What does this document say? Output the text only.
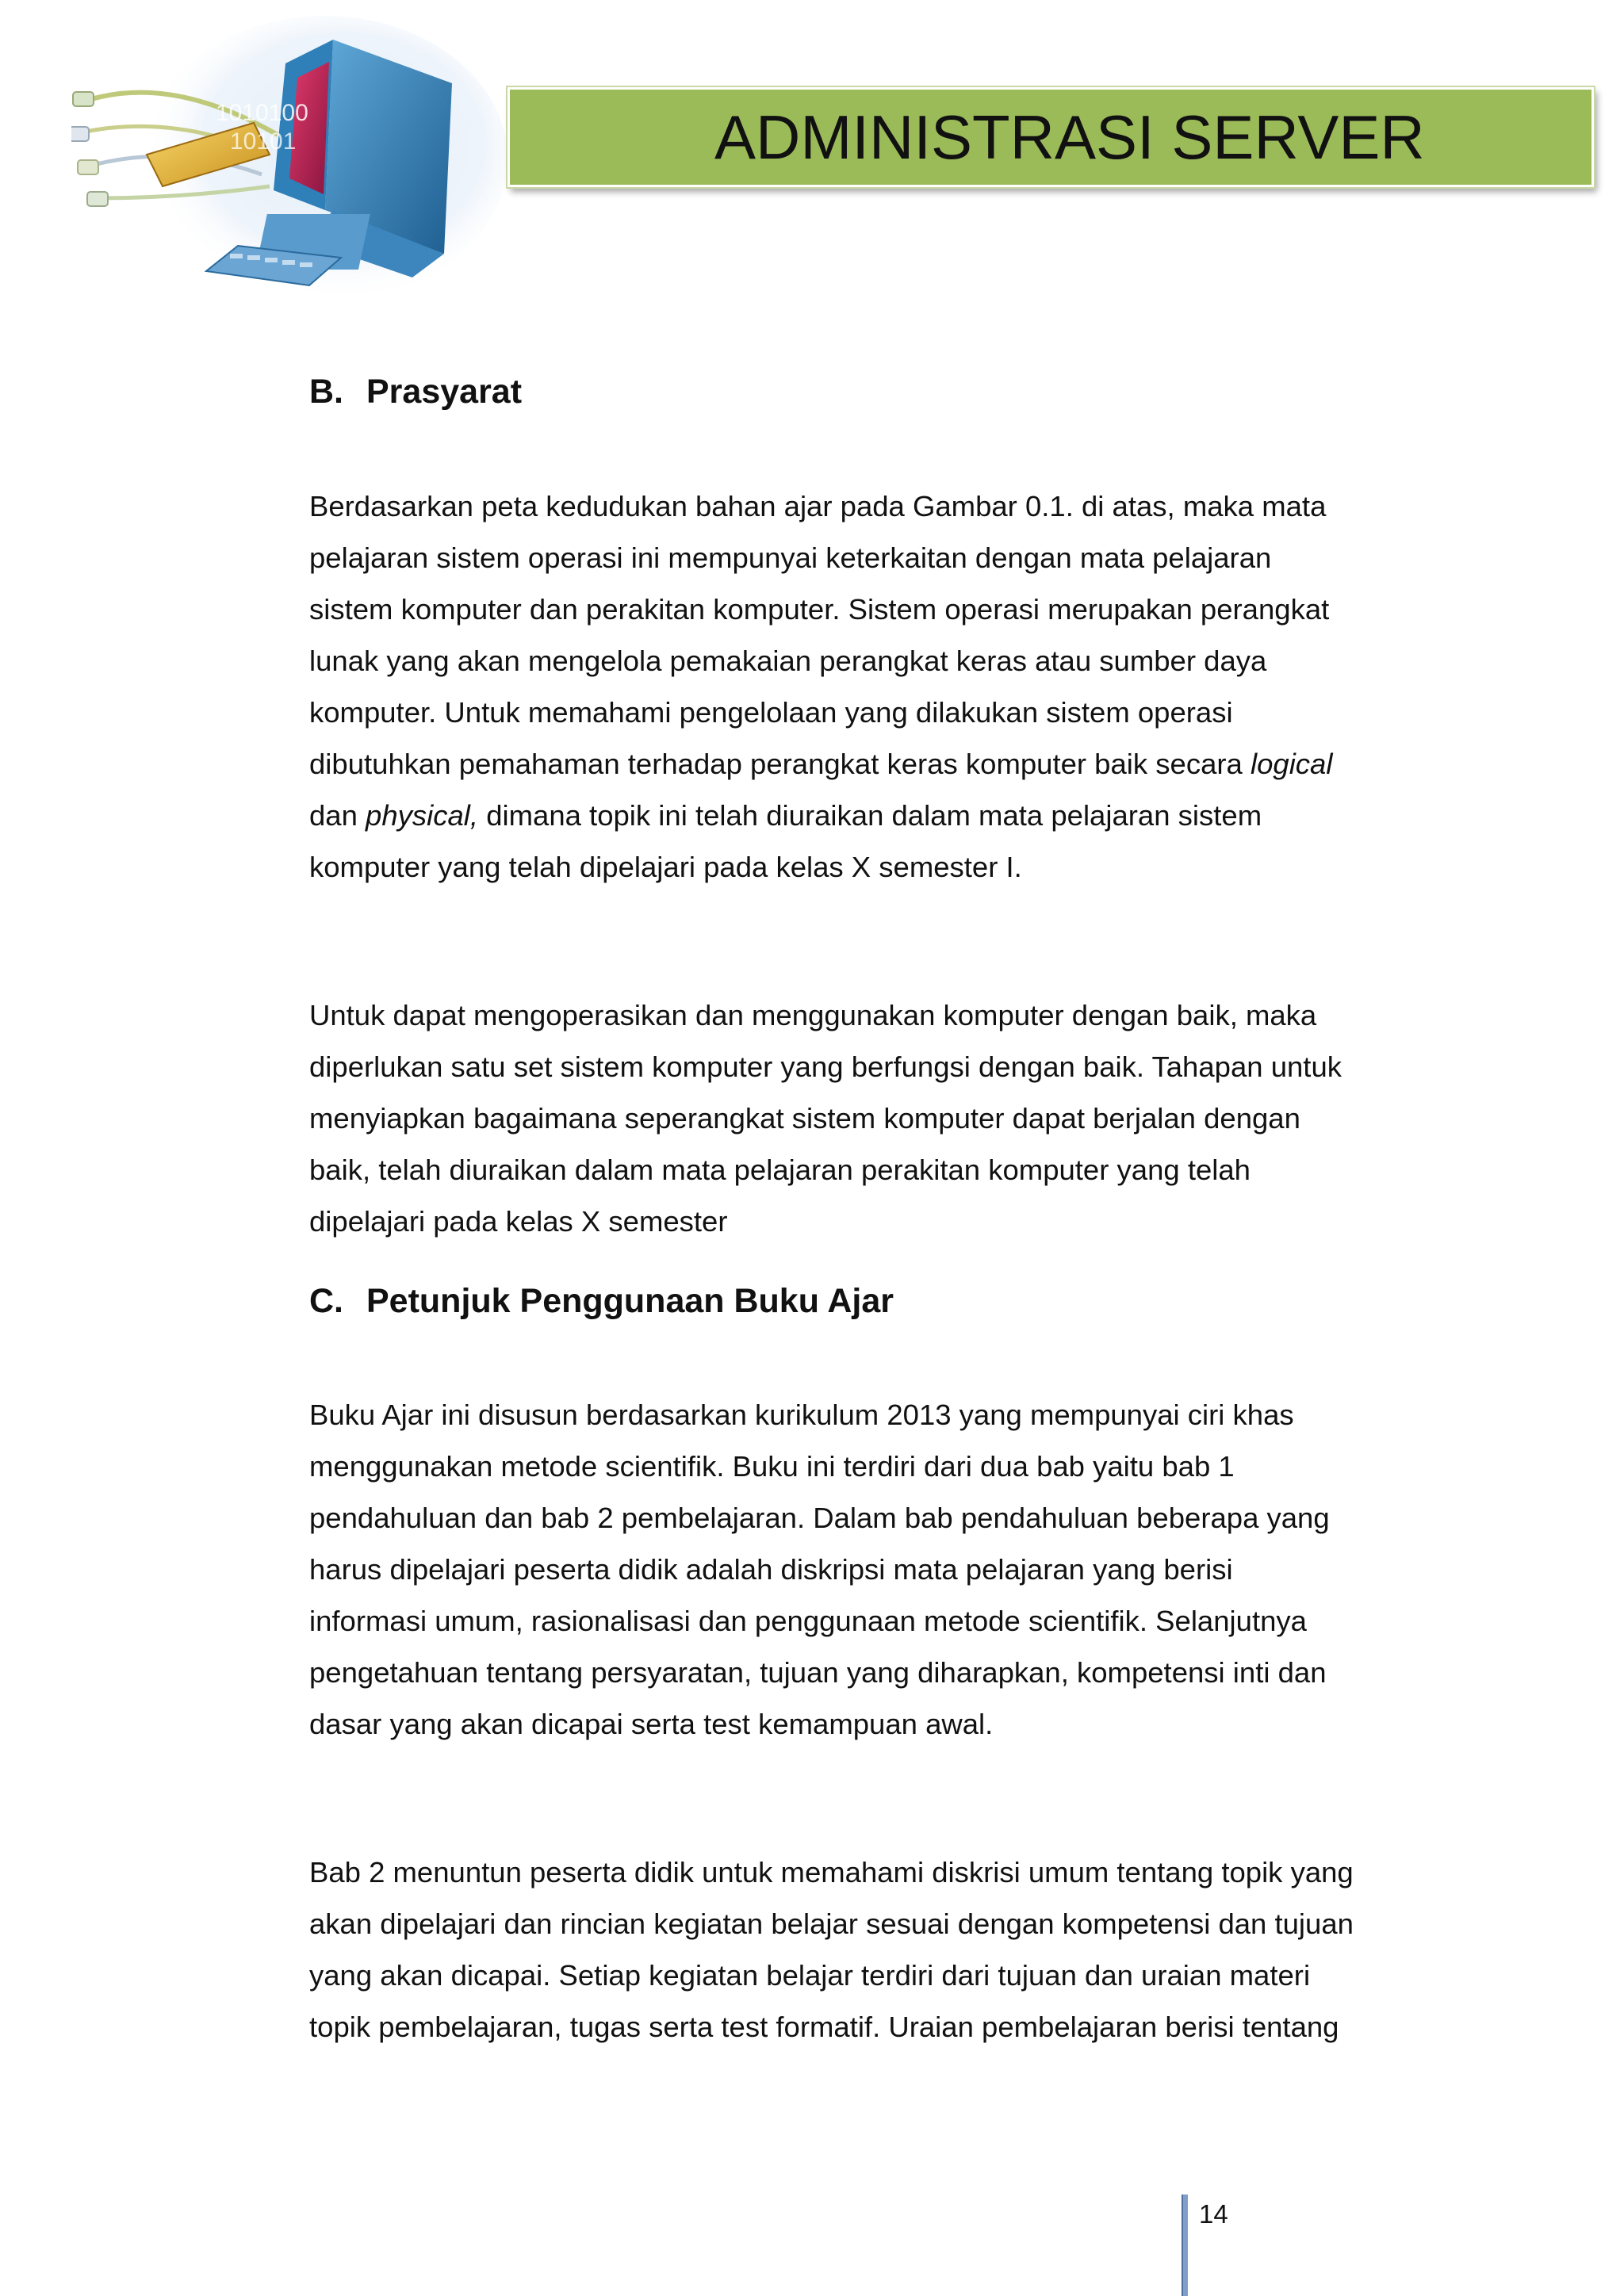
1010100
10101	ADMINISTRASI SERVER
B. Prasyarat

Berdasarkan peta kedudukan bahan ajar pada Gambar 0.1. di atas, maka mata
pelajaran sistem operasi ini mempunyai keterkaitan dengan mata pelajaran
sistem komputer dan perakitan komputer. Sistem operasi merupakan perangkat
lunak yang akan mengelola pemakaian perangkat keras atau sumber daya
komputer. Untuk memahami pengelolaan yang dilakukan sistem operasi
dibutuhkan pemahaman terhadap perangkat keras komputer baik secara logical
dan physical, dimana topik ini telah diuraikan dalam mata pelajaran sistem
komputer yang telah dipelajari pada kelas X semester I.

Untuk dapat mengoperasikan dan menggunakan komputer dengan baik, maka
diperlukan satu set sistem komputer yang berfungsi dengan baik. Tahapan untuk
menyiapkan bagaimana seperangkat sistem komputer dapat berjalan dengan
baik, telah diuraikan dalam mata pelajaran perakitan komputer yang telah
dipelajari pada kelas X semester

C. Petunjuk Penggunaan Buku Ajar

Buku Ajar ini disusun berdasarkan kurikulum 2013 yang mempunyai ciri khas
menggunakan metode scientifik. Buku ini terdiri dari dua bab yaitu bab 1
pendahuluan dan bab 2 pembelajaran. Dalam bab pendahuluan beberapa yang
harus dipelajari peserta didik adalah diskripsi mata pelajaran yang berisi
informasi umum, rasionalisasi dan penggunaan metode scientifik. Selanjutnya
pengetahuan tentang persyaratan, tujuan yang diharapkan, kompetensi inti dan
dasar yang akan dicapai serta test kemampuan awal.

Bab 2 menuntun peserta didik untuk memahami diskrisi umum tentang topik yang
akan dipelajari dan rincian kegiatan belajar sesuai dengan kompetensi dan tujuan
yang akan dicapai. Setiap kegiatan belajar terdiri dari tujuan dan uraian materi
topik pembelajaran, tugas serta test formatif. Uraian pembelajaran berisi tentang

14
